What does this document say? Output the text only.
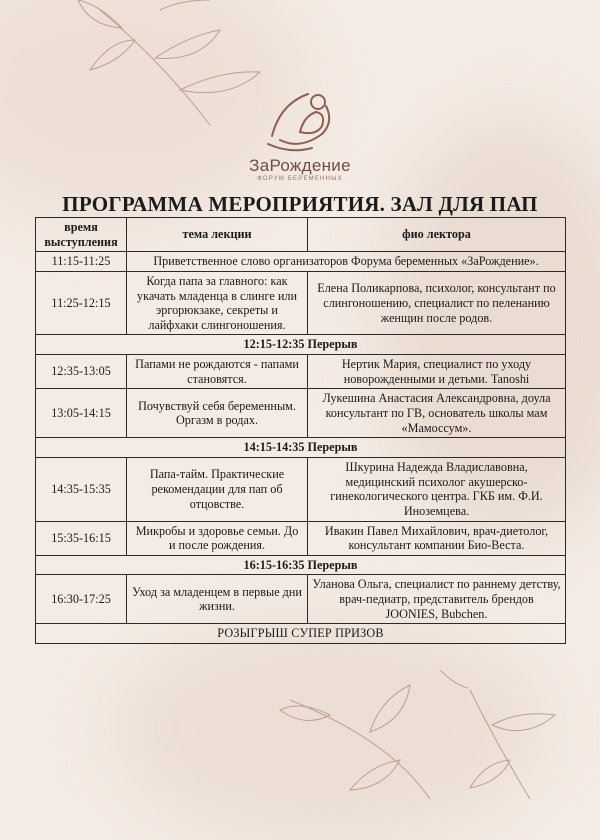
ЗаРождение
ФОРУМ БЕРЕМЕННЫХ
ПРОГРАММА МЕРОПРИЯТИЯ. ЗАЛ ДЛЯ ПАП
время выступления	тема лекции	фио лектора
11:15-11:25	Приветственное слово организаторов Форума беременных «ЗаРождение».	
11:25-12:15	Когда папа за главного: как укачать младенца в слинге или эргорюкзаке, секреты и лайфхаки слингоношения.	Елена Поликарпова, психолог, консультант по слингоношению, специалист по пеленанию женщин после родов.
12:15-12:35 Перерыв		
12:35-13:05	Папами не рождаются - папами становятся.	Нертик Мария, специалист по уходу новорожденными и детьми. Tanoshi
13:05-14:15	Почувствуй себя беременным. Оргазм в родах.	Лукешина Анастасия Александровна, доула консультант по ГВ, основатель школы мам «Мамоссум».
14:15-14:35 Перерыв		
14:35-15:35	Папа-тайм. Практические рекомендации для пап об отцовстве.	Шкурина Надежда Владиславовна, медицинский психолог акушерско-гинекологического центра. ГКБ им. Ф.И. Иноземцева.
15:35-16:15	Микробы и здоровье семьи. До и после рождения.	Ивакин Павел Михайлович, врач-диетолог, консультант компании Био-Веста.
16:15-16:35 Перерыв		
16:30-17:25	Уход за младенцем в первые дни жизни.	Уланова Ольга, специалист по раннему детству, врач-педиатр, представитель брендов JOONIES, Bubchen.
РОЗЫГРЫШ СУПЕР ПРИЗОВ		
